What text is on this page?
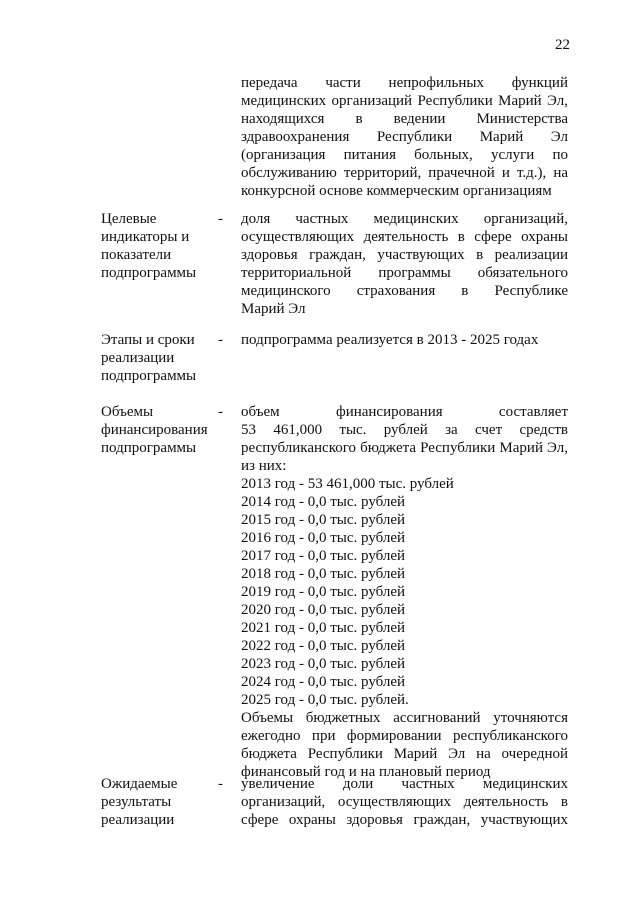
22
передача части непрофильных функций
медицинских организаций Республики Марий Эл,
находящихся в ведении Министерства
здравоохранения Республики Марий Эл
(организация питания больных, услуги по
обслуживанию территорий, прачечной и т.д.), на
конкурсной основе коммерческим организациям
Целевые
индикаторы и
показатели
подпрограммы
- доля частных медицинских организаций,
осуществляющих деятельность в сфере охраны
здоровья граждан, участвующих в реализации
территориальной программы обязательного
медицинского страхования в Республике
Марий Эл
Этапы и сроки
реализации
подпрограммы
- подпрограмма реализуется в 2013 - 2025 годах
Объемы
финансирования
подпрограммы
- объем финансирования составляет
53 461,000 тыс. рублей за счет средств
республиканского бюджета Республики Марий Эл,
из них:
2013 год - 53 461,000 тыс. рублей
2014 год - 0,0 тыс. рублей
2015 год - 0,0 тыс. рублей
2016 год - 0,0 тыс. рублей
2017 год - 0,0 тыс. рублей
2018 год - 0,0 тыс. рублей
2019 год - 0,0 тыс. рублей
2020 год - 0,0 тыс. рублей
2021 год - 0,0 тыс. рублей
2022 год - 0,0 тыс. рублей
2023 год - 0,0 тыс. рублей
2024 год - 0,0 тыс. рублей
2025 год - 0,0 тыс. рублей.
Объемы бюджетных ассигнований уточняются
ежегодно при формировании республиканского
бюджета Республики Марий Эл на очередной
финансовый год и на плановый период
Ожидаемые
результаты
реализации
- увеличение доли частных медицинских
организаций, осуществляющих деятельность в
сфере охраны здоровья граждан, участвующих
